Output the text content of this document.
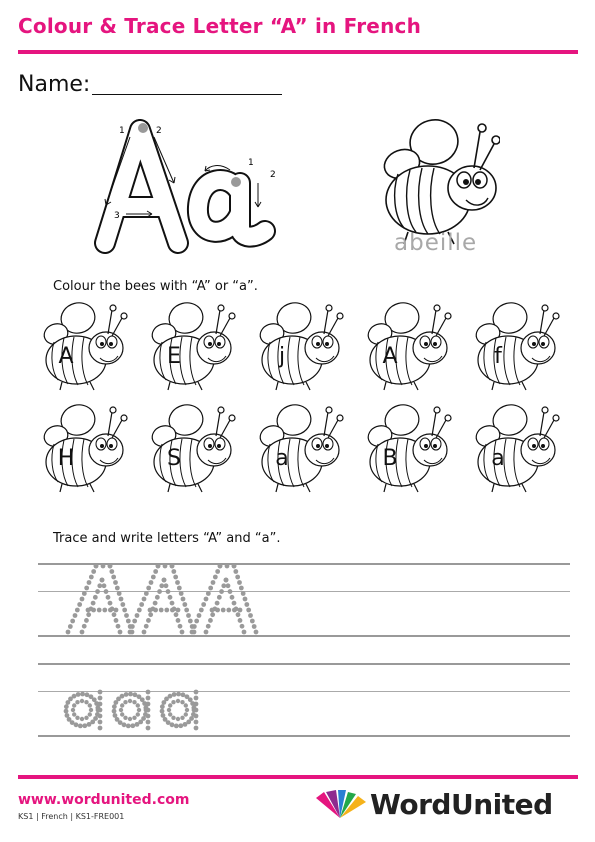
Colour & Trace Letter “A” in French
Name:
1	2
3
1
2
abeille
Colour the bees with “A” or “a”.
A	E	j	A	f
H	S	a	B	a
Trace and write letters “A” and “a”.
www.wordunited.com
KS1 | French | KS1-FRE001	WordUnited
